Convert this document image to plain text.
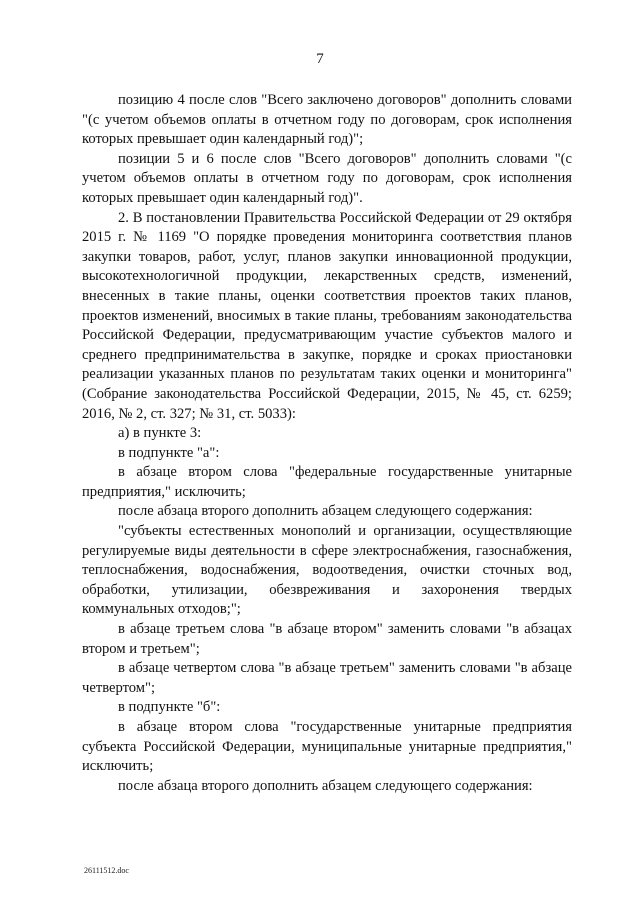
7

позицию 4 после слов "Всего заключено договоров" дополнить словами "(с учетом объемов оплаты в отчетном году по договорам, срок исполнения которых превышает один календарный год)";

позиции 5 и 6 после слов "Всего договоров" дополнить словами "(с учетом объемов оплаты в отчетном году по договорам, срок исполнения которых превышает один календарный год)".

2. В постановлении Правительства Российской Федерации от 29 октября 2015 г. № 1169 "О порядке проведения мониторинга соответствия планов закупки товаров, работ, услуг, планов закупки инновационной продукции, высокотехнологичной продукции, лекарственных средств, изменений, внесенных в такие планы, оценки соответствия проектов таких планов, проектов изменений, вносимых в такие планы, требованиям законодательства Российской Федерации, предусматривающим участие субъектов малого и среднего предпринимательства в закупке, порядке и сроках приостановки реализации указанных планов по результатам таких оценки и мониторинга" (Собрание законодательства Российской Федерации, 2015, № 45, ст. 6259; 2016, № 2, ст. 327; № 31, ст. 5033):

а) в пункте 3:

в подпункте "а":

в абзаце втором слова "федеральные государственные унитарные предприятия," исключить;

после абзаца второго дополнить абзацем следующего содержания:

"субъекты естественных монополий и организации, осуществляющие регулируемые виды деятельности в сфере электроснабжения, газоснабжения, теплоснабжения, водоснабжения, водоотведения, очистки сточных вод, обработки, утилизации, обезвреживания и захоронения твердых коммунальных отходов;";

в абзаце третьем слова "в абзаце втором" заменить словами "в абзацах втором и третьем";

в абзаце четвертом слова "в абзаце третьем" заменить словами "в абзаце четвертом";

в подпункте "б":

в абзаце втором слова "государственные унитарные предприятия субъекта Российской Федерации, муниципальные унитарные предприятия," исключить;

после абзаца второго дополнить абзацем следующего содержания:

26111512.doc
